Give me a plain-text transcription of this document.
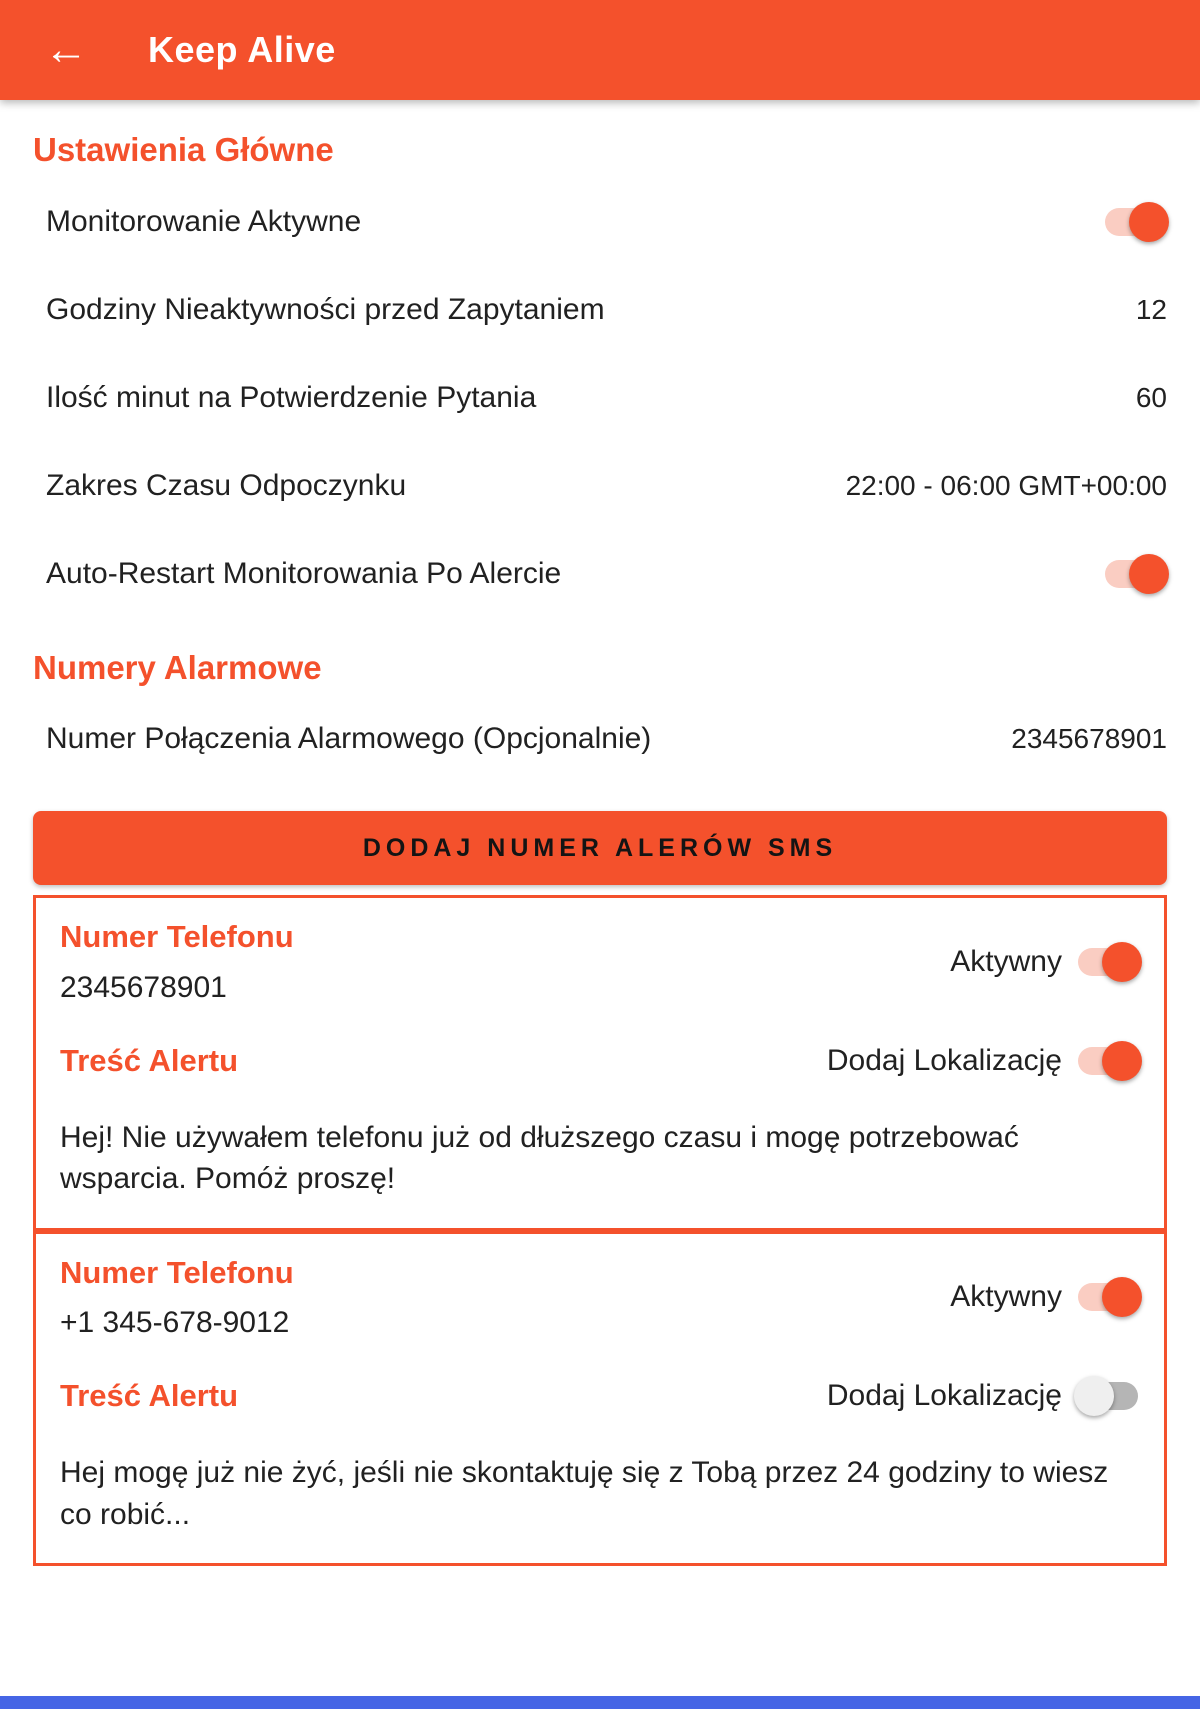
←	Keep Alive
Ustawienia Główne
Monitorowanie Aktywne
Godziny Nieaktywności przed Zapytaniem	12
Ilość minut na Potwierdzenie Pytania	60
Zakres Czasu Odpoczynku	22:00 - 06:00 GMT+00:00
Auto-Restart Monitorowania Po Alercie
Numery Alarmowe
Numer Połączenia Alarmowego (Opcjonalnie)	2345678901
DODAJ NUMER ALERÓW SMS
Numer Telefonu
2345678901
Aktywny
Treść Alertu	Dodaj Lokalizację
Hej! Nie używałem telefonu już od dłuższego czasu i mogę potrzebować wsparcia. Pomóż proszę!
Numer Telefonu
+1 345-678-9012
Aktywny
Treść Alertu	Dodaj Lokalizację
Hej mogę już nie żyć, jeśli nie skontaktuję się z Tobą przez 24 godziny to wiesz co robić...
